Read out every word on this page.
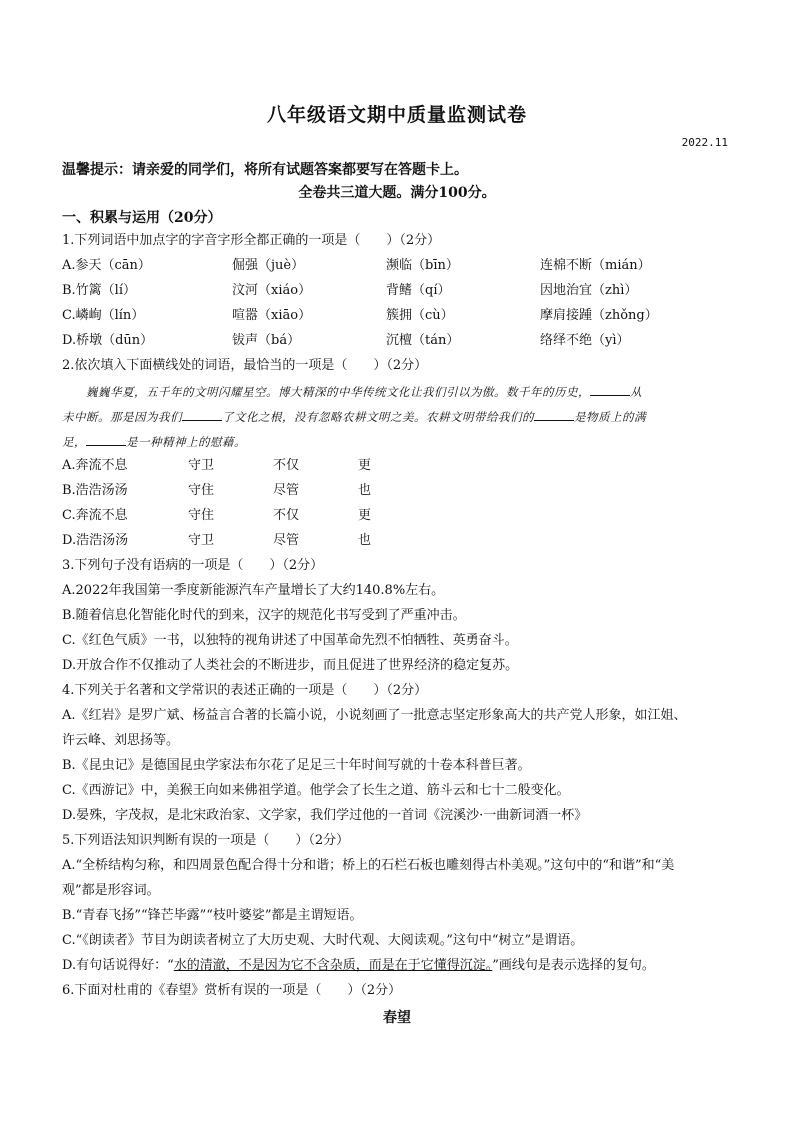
八年级语文期中质量监测试卷
2022.11
温馨提示：请亲爱的同学们，将所有试题答案都要写在答题卡上。
全卷共三道大题。满分100分。
一、积累与运用（20分）
1.下列词语中加点字的字音字形全都正确的一项是（　　）（2分）
A.参天（cān）	倔强（juè）	濒临（bīn）	连棉不断（mián）
B.竹篱（lí）	汶河（xiáo）	背鳍（qí）	因地治宜（zhì）
C.嶙峋（lín）	喧嚣（xiāo）	簇拥（cù）	摩肩接踵（zhǒng）
D.桥墩（dūn）	钹声（bá）	沉檀（tán）	络绎不绝（yì）
2.依次填入下面横线处的词语，最恰当的一项是（　　）（2分）
巍巍华夏，五千年的文明闪耀星空。博大精深的中华传统文化让我们引以为傲。数千年的历史，	从
未中断。那是因为我们	了文化之根，没有忽略农耕文明之美。农耕文明带给我们的	是物质上的满
足，	是一种精神上的慰藉。
A.奔流不息	守卫	不仅	更
B.浩浩汤汤	守住	尽管	也
C.奔流不息	守住	不仅	更
D.浩浩汤汤	守卫	尽管	也
3.下列句子没有语病的一项是（　　）（2分）
A.2022年我国第一季度新能源汽车产量增长了大约140.8%左右。
B.随着信息化智能化时代的到来，汉字的规范化书写受到了严重冲击。
C.《红色气质》一书，以独特的视角讲述了中国革命先烈不怕牺牲、英勇奋斗。
D.开放合作不仅推动了人类社会的不断进步，而且促进了世界经济的稳定复苏。
4.下列关于名著和文学常识的表述正确的一项是（　　）（2分）
A.《红岩》是罗广斌、杨益言合著的长篇小说，小说刻画了一批意志坚定形象高大的共产党人形象，如江姐、
许云峰、刘思扬等。
B.《昆虫记》是德国昆虫学家法布尔花了足足三十年时间写就的十卷本科普巨著。
C.《西游记》中，美猴王向如来佛祖学道。他学会了长生之道、筋斗云和七十二般变化。
D.晏殊，字茂叔，是北宋政治家、文学家，我们学过他的一首词《浣溪沙·一曲新词酒一杯》
5.下列语法知识判断有误的一项是（　　）（2分）
A.“全桥结构匀称，和四周景色配合得十分和谐；桥上的石栏石板也雕刻得古朴美观。”这句中的“和谐”和“美
观”都是形容词。
B.“青春飞扬”“锋芒毕露”“枝叶婆娑”都是主谓短语。
C.“《朗读者》节目为朗读者树立了大历史观、大时代观、大阅读观。”这句中“树立”是谓语。
D.有句话说得好：“水的清澈，不是因为它不含杂质，而是在于它懂得沉淀。”画线句是表示选择的复句。
6.下面对杜甫的《春望》赏析有误的一项是（　　）（2分）
春望
